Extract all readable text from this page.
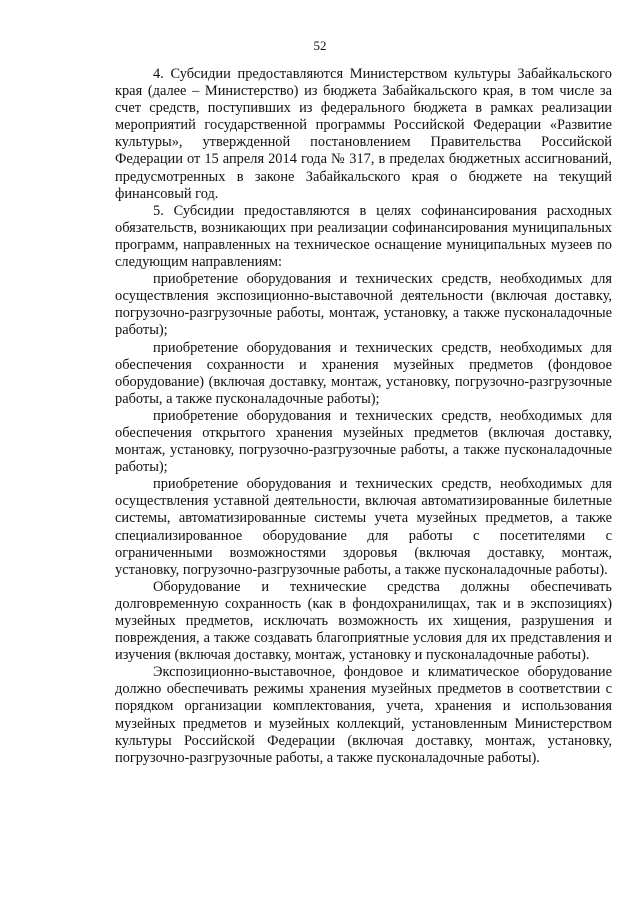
52

4. Субсидии предоставляются Министерством культуры Забайкальского края (далее – Министерство) из бюджета Забайкальского края, в том числе за счет средств, поступивших из федерального бюджета в рамках реализации мероприятий государственной программы Российской Федерации «Развитие культуры», утвержденной постановлением Правительства Российской Федерации от 15 апреля 2014 года № 317, в пределах бюджетных ассигнований, предусмотренных в законе Забайкальского края о бюджете на текущий финансовый год.

5. Субсидии предоставляются в целях софинансирования расходных обязательств, возникающих при реализации софинансирования муниципальных программ, направленных на техническое оснащение муниципальных музеев по следующим направлениям:

приобретение оборудования и технических средств, необходимых для осуществления экспозиционно-выставочной деятельности (включая доставку, погрузочно-разгрузочные работы, монтаж, установку, а также пусконаладочные работы);

приобретение оборудования и технических средств, необходимых для обеспечения сохранности и хранения музейных предметов (фондовое оборудование) (включая доставку, монтаж, установку, погрузочно-разгрузочные работы, а также пусконаладочные работы);

приобретение оборудования и технических средств, необходимых для обеспечения открытого хранения музейных предметов (включая доставку, монтаж, установку, погрузочно-разгрузочные работы, а также пусконаладочные работы);

приобретение оборудования и технических средств, необходимых для осуществления уставной деятельности, включая автоматизированные билетные системы, автоматизированные системы учета музейных предметов, а также специализированное оборудование для работы с посетителями с ограниченными возможностями здоровья (включая доставку, монтаж, установку, погрузочно-разгрузочные работы, а также пусконаладочные работы).

Оборудование и технические средства должны обеспечивать долговременную сохранность (как в фондохранилищах, так и в экспозициях) музейных предметов, исключать возможность их хищения, разрушения и повреждения, а также создавать благоприятные условия для их представления и изучения (включая доставку, монтаж, установку и пусконаладочные работы).

Экспозиционно-выставочное, фондовое и климатическое оборудование должно обеспечивать режимы хранения музейных предметов в соответствии с порядком организации комплектования, учета, хранения и использования музейных предметов и музейных коллекций, установленным Министерством культуры Российской Федерации (включая доставку, монтаж, установку, погрузочно-разгрузочные работы, а также пусконаладочные работы).
